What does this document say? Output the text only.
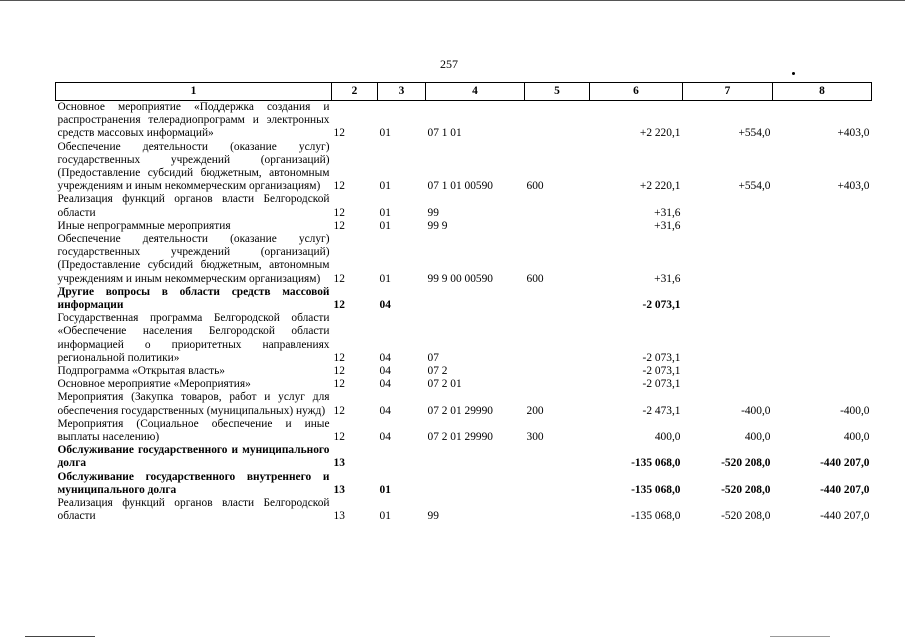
257
1	2	3	4	5	6	7	8
Основное мероприятие «Поддержка создания и распространения телерадиопрограмм и электронных средств массовых информаций»	12	01	07 1 01		+2 220,1	+554,0	+403,0
Обеспечение деятельности (оказание услуг) государственных учреждений (организаций) (Предоставление субсидий бюджетным, автономным учреждениям и иным некоммерческим организациям)	12	01	07 1 01 00590	600	+2 220,1	+554,0	+403,0
Реализация функций органов власти Белгородской области	12	01	99		+31,6		
Иные непрограммные мероприятия	12	01	99 9		+31,6		
Обеспечение деятельности (оказание услуг) государственных учреждений (организаций) (Предоставление субсидий бюджетным, автономным учреждениям и иным некоммерческим организациям)	12	01	99 9 00 00590	600	+31,6		
Другие вопросы в области средств массовой информации	12	04			-2 073,1		
Государственная программа Белгородской области «Обеспечение населения Белгородской области информацией о приоритетных направлениях региональной политики»	12	04	07		-2 073,1		
Подпрограмма «Открытая власть»	12	04	07 2		-2 073,1		
Основное мероприятие «Мероприятия»	12	04	07 2 01		-2 073,1		
Мероприятия (Закупка товаров, работ и услуг для обеспечения государственных (муниципальных) нужд)	12	04	07 2 01 29990	200	-2 473,1	-400,0	-400,0
Мероприятия (Социальное обеспечение и иные выплаты населению)	12	04	07 2 01 29990	300	400,0	400,0	400,0
Обслуживание государственного и муниципального долга	13				-135 068,0	-520 208,0	-440 207,0
Обслуживание государственного внутреннего и муниципального долга	13	01			-135 068,0	-520 208,0	-440 207,0
Реализация функций органов власти Белгородской области	13	01	99		-135 068,0	-520 208,0	-440 207,0
